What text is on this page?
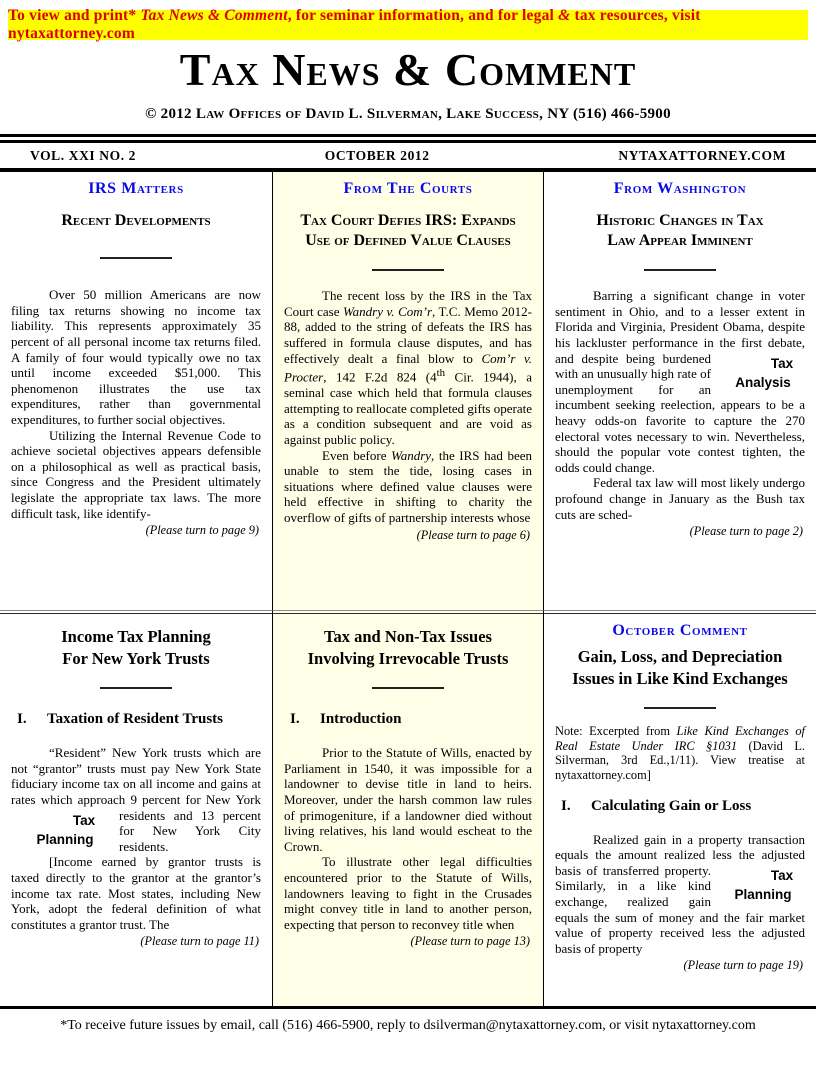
To view and print* Tax News & Comment, for seminar information, and for legal & tax resources, visit nytaxattorney.com
Tax News & Comment
© 2012 Law Offices of David L. Silverman, Lake Success, NY (516) 466-5900
VOL. XXI NO. 2	OCTOBER 2012	NYTAXATTORNEY.COM
IRS Matters
Recent Developments

Over 50 million Americans are now filing tax returns showing no income tax liability. This represents approximately 35 percent of all personal income tax returns filed. A family of four would typically owe no tax until income exceeded $51,000. This phenomenon illustrates the use tax expenditures, rather than governmental expenditures, to further social objectives.

Utilizing the Internal Revenue Code to achieve societal objectives appears defensible on a philosophical as well as practical basis, since Congress and the President ultimately legislate the appropriate tax laws. The more difficult task, like identify-

(Please turn to page 9)
From The Courts
Tax Court Defies IRS: Expands
Use of Defined Value Clauses

The recent loss by the IRS in the Tax Court case Wandry v. Com’r, T.C. Memo 2012-88, added to the string of defeats the IRS has suffered in formula clause disputes, and has effectively dealt a final blow to Com’r v. Procter, 142 F.2d 824 (4th Cir. 1944), a seminal case which held that formula clauses attempting to reallocate completed gifts operate as a condition subsequent and are void as against public policy.

Even before Wandry, the IRS had been unable to stem the tide, losing cases in situations where defined value clauses were held effective in shifting to charity the overflow of gifts of partnership interests whose

(Please turn to page 6)
From Washington
Historic Changes in Tax
Law Appear Imminent

Barring a significant change in voter sentiment in Ohio, and to a lesser extent in Florida and Virginia, President Obama, despite his lackluster performance in the first debate, and despite being	Tax Analysis
burdened with an unusually high rate of unemployment for an incumbent seeking reelection, appears to be a heavy odds-on favorite to capture the 270 electoral votes necessary to win. Nevertheless, should the popular vote contest tighten, the odds could change.

Federal tax law will most likely undergo profound change in January as the Bush tax cuts are sched-

(Please turn to page 2)
Income Tax Planning
For New York Trusts
I. Taxation of Resident Trusts

“Resident” New York trusts which are not “grantor” trusts must pay New York State fiduciary income tax on all income and gains at rates which approach 9 percent for New
Tax Planning
York residents and 13 percent for New York City residents.

[Income earned by grantor trusts is taxed directly to the grantor at the grantor’s income tax rate. Most states, including New York, adopt the federal definition of what constitutes a grantor trust. The

(Please turn to page 11)
Tax and Non-Tax Issues
Involving Irrevocable Trusts
I. Introduction

Prior to the Statute of Wills, enacted by Parliament in 1540, it was impossible for a landowner to devise title in land to heirs. Moreover, under the harsh common law rules of primogeniture, if a landowner died without living relatives, his land would escheat to the Crown.

To illustrate other legal difficulties encountered prior to the Statute of Wills, landowners leaving to fight in the Crusades might convey title in land to another person, expecting that person to reconvey title when

(Please turn to page 13)
October Comment
Gain, Loss, and Depreciation
Issues in Like Kind Exchanges

Note: Excerpted from Like Kind Exchanges of Real Estate Under IRC §1031 (David L. Silverman, 3rd Ed.,1/11). View treatise at nytaxattorney.com]

I. Calculating Gain or Loss

Realized gain in a property transaction equals the amount realized less the adjusted
Tax Planning
basis of transferred property. Similarly, in a like kind exchange, realized gain equals the sum of money and the fair market value of property received less the adjusted basis of property

(Please turn to page 19)
*To receive future issues by email, call (516) 466-5900, reply to dsilverman@nytaxattorney.com, or visit nytaxattorney.com
